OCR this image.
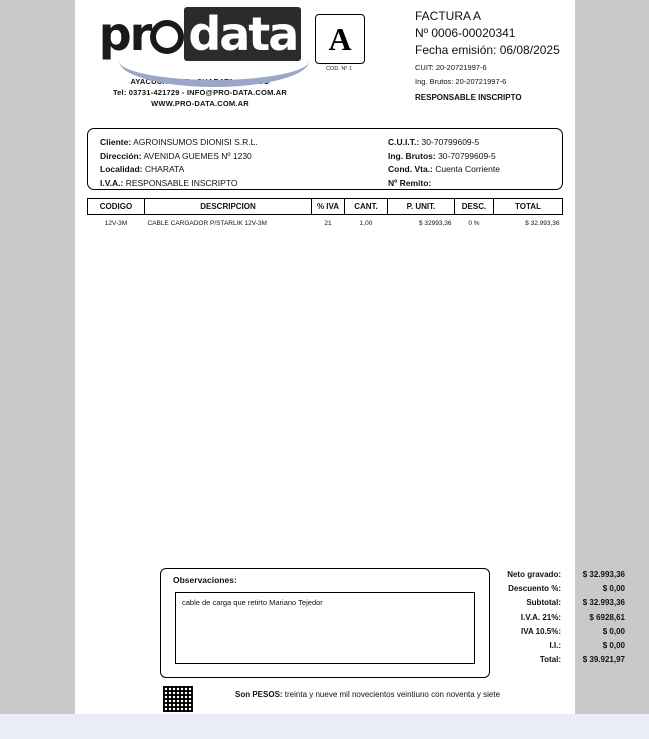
pr data
AYACUCHO 427 - CHARATA - CHACO
Tel: 03731-421729 - INFO@PRO-DATA.COM.AR
WWW.PRO-DATA.COM.AR
A
COD. Nº 1
FACTURA A
Nº 0006-00020341
Fecha emisión: 06/08/2025
CUIT: 20-20721997-6
Ing. Brutos: 20-20721997-6
RESPONSABLE INSCRIPTO
Cliente: AGROINSUMOS DIONISI S.R.L.
Dirección: AVENIDA GUEMES Nº 1230
Localidad: CHARATA
I.V.A.: RESPONSABLE INSCRIPTO
C.U.I.T.: 30-70799609-5
Ing. Brutos: 30-70799609-5
Cond. Vta.: Cuenta Corriente
Nº Remito:
CODIGO	DESCRIPCION	% IVA	CANT.	P. UNIT.	DESC.	TOTAL
12V-3M	CABLE CARGADOR P/STARLIK 12V-3M	21	1,00	$ 32993,36	0 %	$ 32.993,36
Observaciones:
cable de carga que retirto Mariano Tejedor
Neto gravado:	$ 32.993,36
Descuento %:	$ 0,00
Subtotal:	$ 32.993,36
I.V.A. 21%:	$ 6928,61
IVA 10.5%:	$ 0,00
I.I.:	$ 0,00
Total:	$ 39.921,97
Son PESOS: treinta y nueve mil novecientos veintiuno con noventa y siete
